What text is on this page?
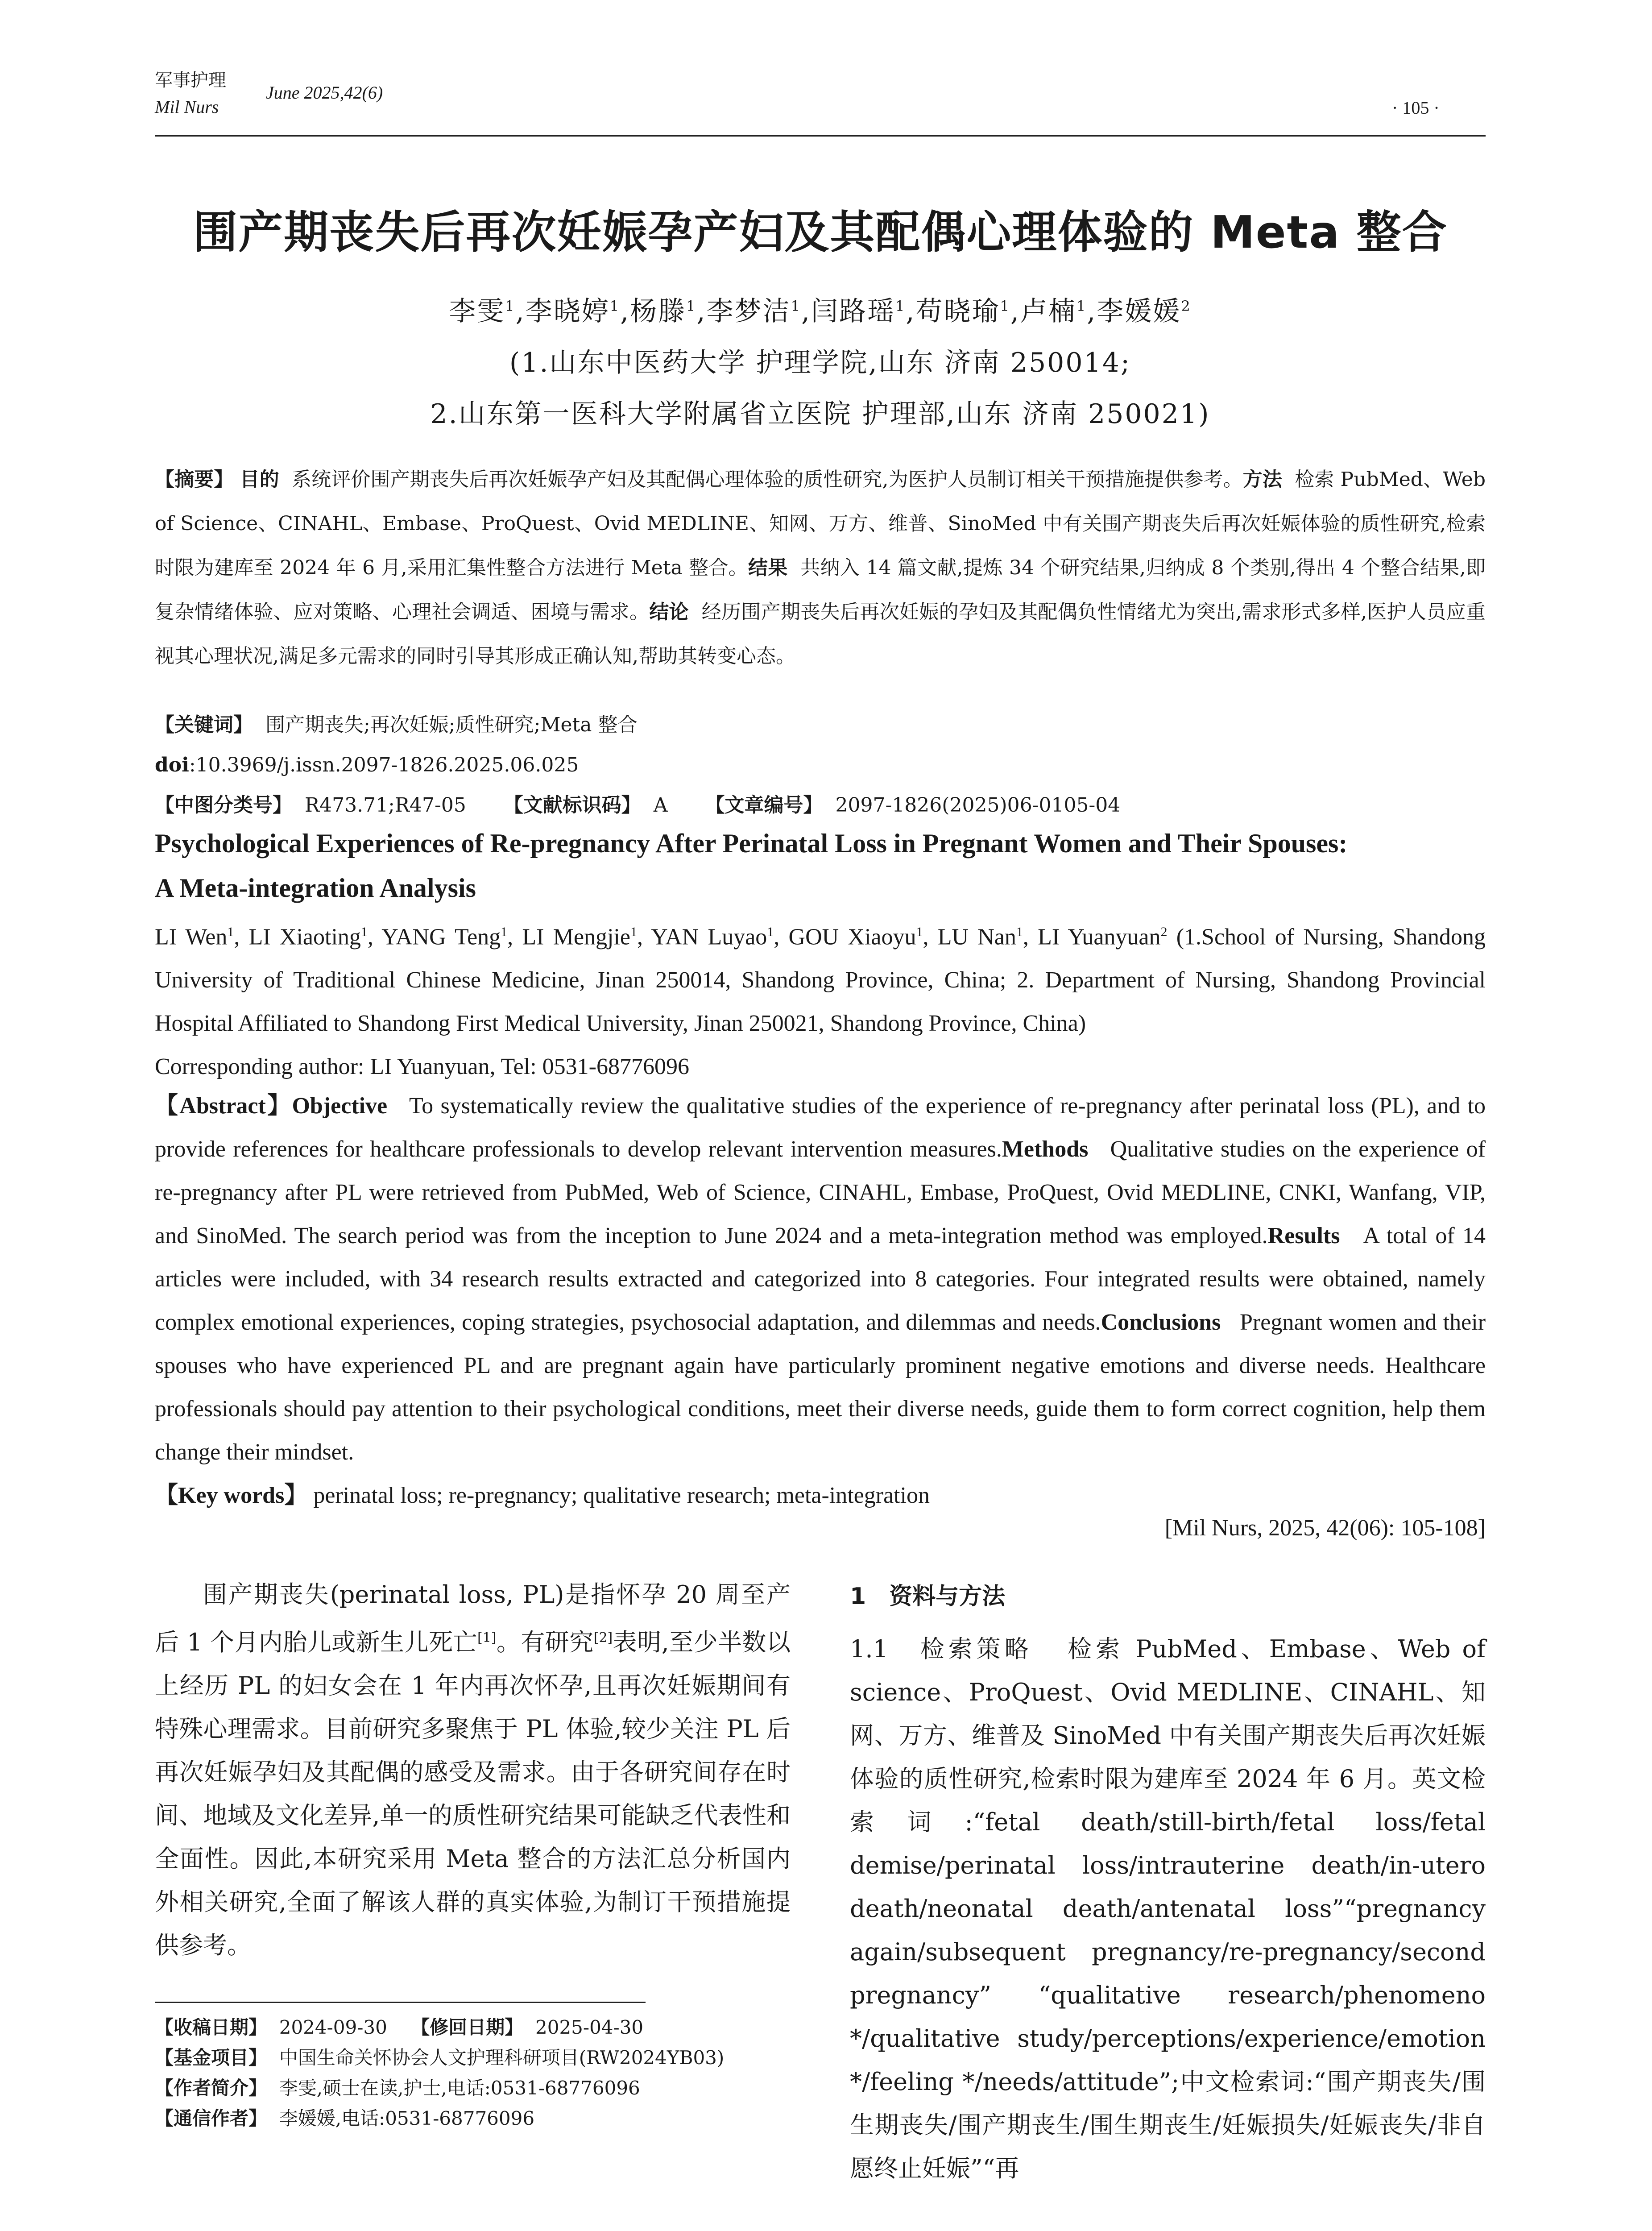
军事护理
Mil Nurs
June 2025,42(6)
· 105 ·
围产期丧失后再次妊娠孕产妇及其配偶心理体验的 Meta 整合
李雯$^1$,李晓婷$^1$,杨滕$^1$,李梦洁$^1$,闫路瑶$^1$,苟晓瑜$^1$,卢楠$^1$,李媛媛$^2$
(1.山东中医药大学 护理学院,山东 济南 250014;
2.山东第一医科大学附属省立医院 护理部,山东 济南 250021)
【摘要】 目的 系统评价围产期丧失后再次妊娠孕产妇及其配偶心理体验的质性研究,为医护人员制订相关干预措施提供参考。方法 检索 PubMed、Web of Science、CINAHL、Embase、ProQuest、Ovid MEDLINE、知网、万方、维普、SinoMed 中有关围产期丧失后再次妊娠体验的质性研究,检索时限为建库至 2024 年 6 月,采用汇集性整合方法进行 Meta 整合。结果 共纳入 14 篇文献,提炼 34 个研究结果,归纳成 8 个类别,得出 4 个整合结果,即复杂情绪体验、应对策略、心理社会调适、困境与需求。结论 经历围产期丧失后再次妊娠的孕妇及其配偶负性情绪尤为突出,需求形式多样,医护人员应重视其心理状况,满足多元需求的同时引导其形成正确认知,帮助其转变心态。
【关键词】 围产期丧失;再次妊娠;质性研究;Meta 整合
doi:10.3969/j.issn.2097-1826.2025.06.025
【中图分类号】 R473.71;R47-05 【文献标识码】 A 【文章编号】 2097-1826(2025)06-0105-04
Psychological Experiences of Re-pregnancy After Perinatal Loss in Pregnant Women and Their Spouses:
A Meta-integration Analysis
LI Wen$^1$, LI Xiaoting$^1$, YANG Teng$^1$, LI Mengjie$^1$, YAN Luyao$^1$, GOU Xiaoyu$^1$, LU Nan$^1$, LI Yuanyuan$^2$ (1.School of Nursing, Shandong University of Traditional Chinese Medicine, Jinan 250014, Shandong Province, China; 2. Department of Nursing, Shandong Provincial Hospital Affiliated to Shandong First Medical University, Jinan 250021, Shandong Province, China)
Corresponding author: LI Yuanyuan, Tel: 0531-68776096
【Abstract】Objective To systematically review the qualitative studies of the experience of re-pregnancy after perinatal loss (PL), and to provide references for healthcare professionals to develop relevant intervention measures.Methods Qualitative studies on the experience of re-pregnancy after PL were retrieved from PubMed, Web of Science, CINAHL, Embase, ProQuest, Ovid MEDLINE, CNKI, Wanfang, VIP, and SinoMed. The search period was from the inception to June 2024 and a meta-integration method was employed.Results A total of 14 articles were included, with 34 research results extracted and categorized into 8 categories. Four integrated results were obtained, namely complex emotional experiences, coping strategies, psychosocial adaptation, and dilemmas and needs.Conclusions Pregnant women and their spouses who have experienced PL and are pregnant again have particularly prominent negative emotions and diverse needs. Healthcare professionals should pay attention to their psychological conditions, meet their diverse needs, guide them to form correct cognition, help them change their mindset.
【Key words】 perinatal loss; re-pregnancy; qualitative research; meta-integration
[Mil Nurs, 2025, 42(06): 105-108]
围产期丧失(perinatal loss, PL)是指怀孕 20 周至产后 1 个月内胎儿或新生儿死亡[1]。有研究[2]表明,至少半数以上经历 PL 的妇女会在 1 年内再次怀孕,且再次妊娠期间有特殊心理需求。目前研究多聚焦于 PL 体验,较少关注 PL 后再次妊娠孕妇及其配偶的感受及需求。由于各研究间存在时间、地域及文化差异,单一的质性研究结果可能缺乏代表性和全面性。因此,本研究采用 Meta 整合的方法汇总分析国内外相关研究,全面了解该人群的真实体验,为制订干预措施提供参考。
【收稿日期】 2024-09-30 【修回日期】 2025-04-30
【基金项目】 中国生命关怀协会人文护理科研项目(RW2024YB03)
【作者简介】 李雯,硕士在读,护士,电话:0531-68776096
【通信作者】 李媛媛,电话:0531-68776096
1　资料与方法
1.1　检索策略 检索 PubMed、Embase、Web of science、ProQuest、Ovid MEDLINE、CINAHL、知网、万方、维普及 SinoMed 中有关围产期丧失后再次妊娠体验的质性研究,检索时限为建库至 2024 年 6 月。英文检索词:“fetal death/still-birth/fetal loss/fetal demise/perinatal loss/intrauterine death/in-utero death/neonatal death/antenatal loss”“pregnancy again/subsequent pregnancy/re-pregnancy/second pregnancy” “qualitative research/phenomeno */qualitative study/perceptions/experience/emotion */feeling */needs/attitude”;中文检索词:“围产期丧失/围生期丧失/围产期丧生/围生期丧生/妊娠损失/妊娠丧失/非自愿终止妊娠”“再
